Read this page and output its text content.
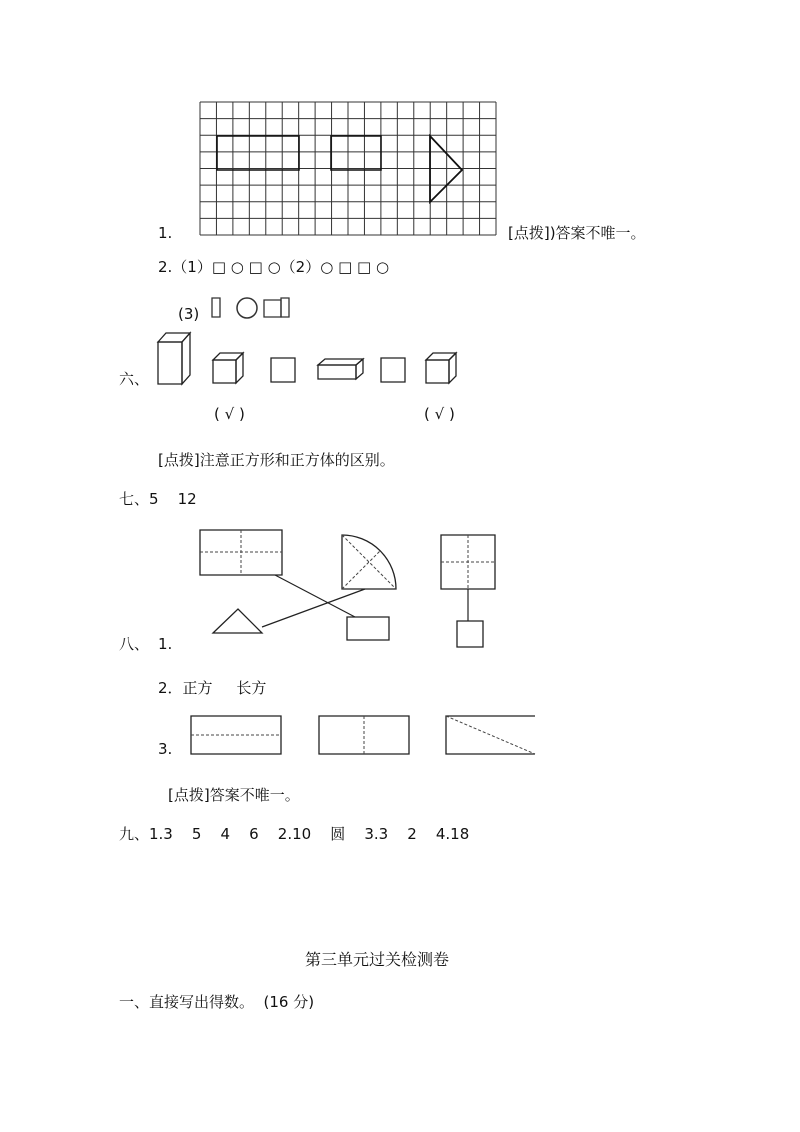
1.	[点拨])答案不唯一。
2.（1）□ ○ □ ○（2）○ □ □ ○
(3)
六、
( √ )	( √ )
[点拨]注意正方形和正方体的区别。
七、5    12
八、 1.
2．正方     长方
3.
[点拨]答案不唯一。
九、1.3    5    4    6    2.10    圆    3.3    2    4.18
第三单元过关检测卷
一、直接写出得数。  (16 分)
